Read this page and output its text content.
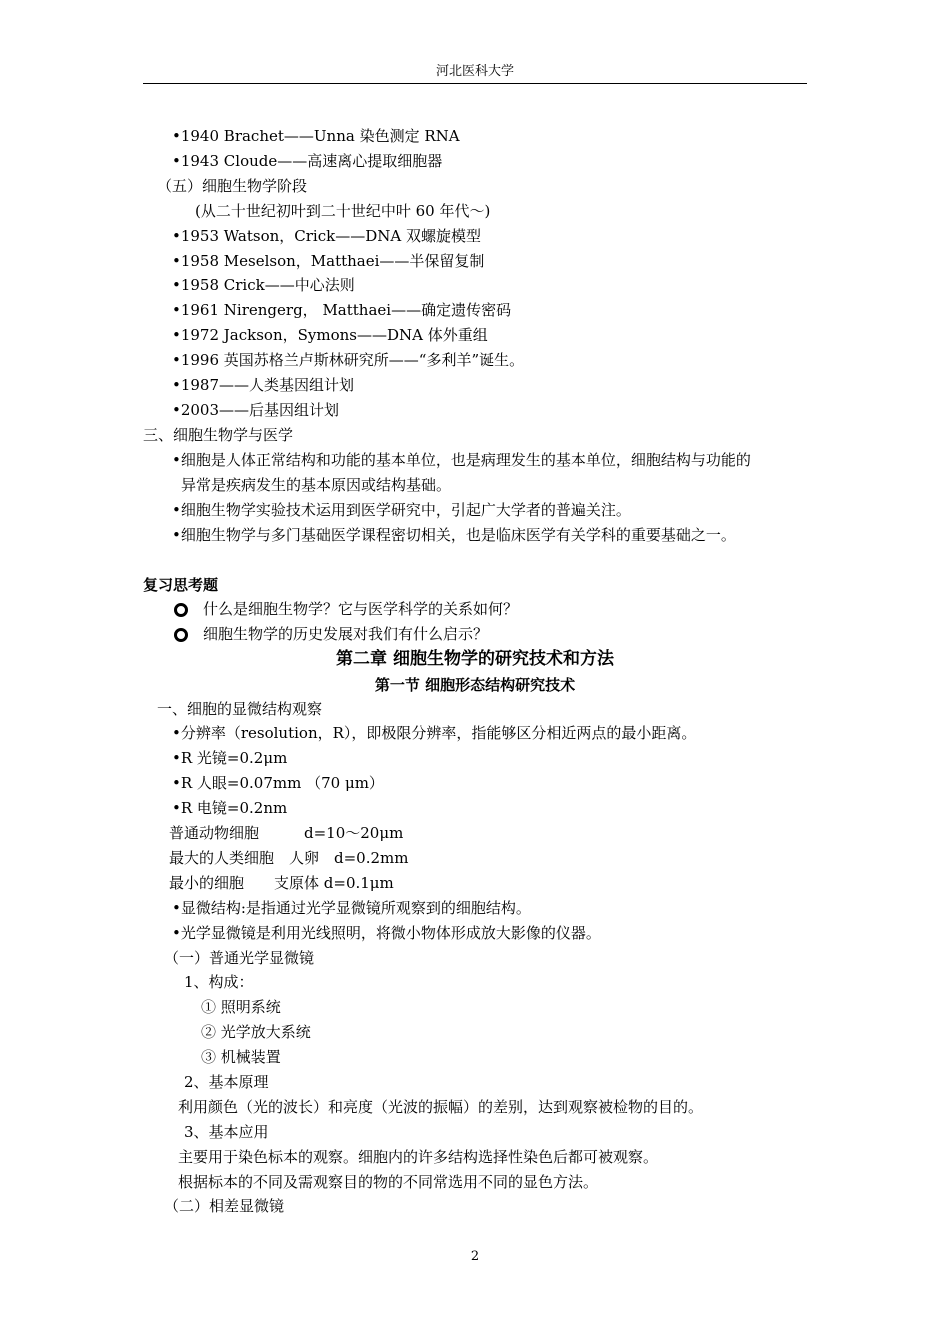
河北医科大学
•1940 Brachet——Unna 染色测定 RNA
•1943 Cloude——高速离心提取细胞器
（五）细胞生物学阶段
(从二十世纪初叶到二十世纪中叶 60 年代～)
•1953 Watson，Crick——DNA 双螺旋模型
•1958 Meselson，Matthaei——半保留复制
•1958 Crick——中心法则
•1961 Nirengerg， Matthaei——确定遗传密码
•1972 Jackson，Symons——DNA 体外重组
•1996 英国苏格兰卢斯林研究所——“多利羊”诞生。
•1987——人类基因组计划
•2003——后基因组计划
三、细胞生物学与医学
•细胞是人体正常结构和功能的基本单位，也是病理发生的基本单位，细胞结构与功能的
异常是疾病发生的基本原因或结构基础。
•细胞生物学实验技术运用到医学研究中，引起广大学者的普遍关注。
•细胞生物学与多门基础医学课程密切相关，也是临床医学有关学科的重要基础之一。
复习思考题
什么是细胞生物学？它与医学科学的关系如何？
细胞生物学的历史发展对我们有什么启示？
第二章 细胞生物学的研究技术和方法
第一节 细胞形态结构研究技术
一、细胞的显微结构观察
•分辨率（resolution，R），即极限分辨率，指能够区分相近两点的最小距离。
•R 光镜=0.2μm
•R 人眼=0.07mm （70 μm）
•R 电镜=0.2nm
普通动物细胞　　　d=10～20μm
最大的人类细胞　人卵　d=0.2mm
最小的细胞　　支原体 d=0.1μm
•显微结构:是指通过光学显微镜所观察到的细胞结构。
•光学显微镜是利用光线照明，将微小物体形成放大影像的仪器。
（一）普通光学显微镜
1、构成：
① 照明系统
② 光学放大系统
③ 机械装置
2、基本原理
利用颜色（光的波长）和亮度（光波的振幅）的差别，达到观察被检物的目的。
3、基本应用
主要用于染色标本的观察。细胞内的许多结构选择性染色后都可被观察。
根据标本的不同及需观察目的物的不同常选用不同的显色方法。
（二）相差显微镜
2
